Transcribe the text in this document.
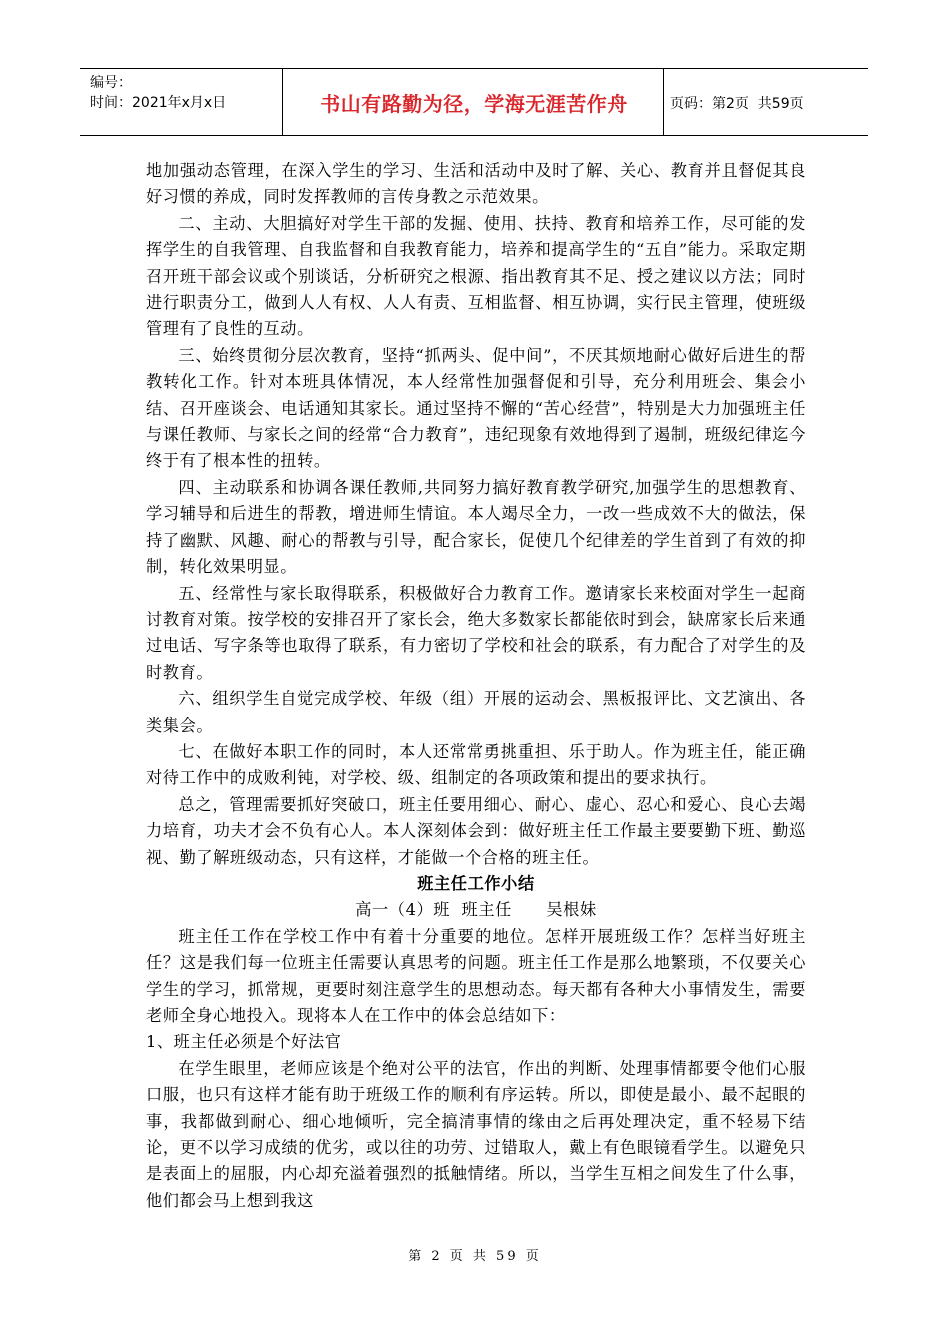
编号：
时间：2021年x月x日	书山有路勤为径，学海无涯苦作舟	页码：第2页  共59页

地加强动态管理，在深入学生的学习、生活和活动中及时了解、关心、教育并且督促其良好习惯的养成，同时发挥教师的言传身教之示范效果。

二、主动、大胆搞好对学生干部的发掘、使用、扶持、教育和培养工作，尽可能的发挥学生的自我管理、自我监督和自我教育能力，培养和提高学生的“五自”能力。采取定期召开班干部会议或个别谈话，分析研究之根源、指出教育其不足、授之建议以方法；同时进行职责分工，做到人人有权、人人有责、互相监督、相互协调，实行民主管理，使班级管理有了良性的互动。

三、始终贯彻分层次教育，坚持“抓两头、促中间”，不厌其烦地耐心做好后进生的帮教转化工作。针对本班具体情况，本人经常性加强督促和引导，充分利用班会、集会小结、召开座谈会、电话通知其家长。通过坚持不懈的“苦心经营”，特别是大力加强班主任与课任教师、与家长之间的经常“合力教育”，违纪现象有效地得到了遏制，班级纪律迄今终于有了根本性的扭转。

四、主动联系和协调各课任教师,共同努力搞好教育教学研究,加强学生的思想教育、学习辅导和后进生的帮教，增进师生情谊。本人竭尽全力，一改一些成效不大的做法，保持了幽默、风趣、耐心的帮教与引导，配合家长，促使几个纪律差的学生首到了有效的抑制，转化效果明显。

五、经常性与家长取得联系，积极做好合力教育工作。邀请家长来校面对学生一起商讨教育对策。按学校的安排召开了家长会，绝大多数家长都能依时到会，缺席家长后来通过电话、写字条等也取得了联系，有力密切了学校和社会的联系，有力配合了对学生的及时教育。

六、组织学生自觉完成学校、年级（组）开展的运动会、黑板报评比、文艺演出、各类集会。

七、在做好本职工作的同时，本人还常常勇挑重担、乐于助人。作为班主任，能正确对待工作中的成败利钝，对学校、级、组制定的各项政策和提出的要求执行。

总之，管理需要抓好突破口，班主任要用细心、耐心、虚心、忍心和爱心、良心去竭力培育，功夫才会不负有心人。本人深刻体会到：做好班主任工作最主要要勤下班、勤巡视、勤了解班级动态，只有这样，才能做一个合格的班主任。

班主任工作小结

高一（4）班  班主任      吴根妹

班主任工作在学校工作中有着十分重要的地位。怎样开展班级工作？怎样当好班主任？这是我们每一位班主任需要认真思考的问题。班主任工作是那么地繁琐，不仅要关心学生的学习，抓常规，更要时刻注意学生的思想动态。每天都有各种大小事情发生，需要老师全身心地投入。现将本人在工作中的体会总结如下：

1、班主任必须是个好法官

在学生眼里，老师应该是个绝对公平的法官，作出的判断、处理事情都要令他们心服口服，也只有这样才能有助于班级工作的顺利有序运转。所以，即使是最小、最不起眼的事，我都做到耐心、细心地倾听，完全搞清事情的缘由之后再处理决定，重不轻易下结论，更不以学习成绩的优劣，或以往的功劳、过错取人，戴上有色眼镜看学生。以避免只是表面上的屈服，内心却充溢着强烈的抵触情绪。所以，当学生互相之间发生了什么事，他们都会马上想到我这

第 2 页 共 59 页
